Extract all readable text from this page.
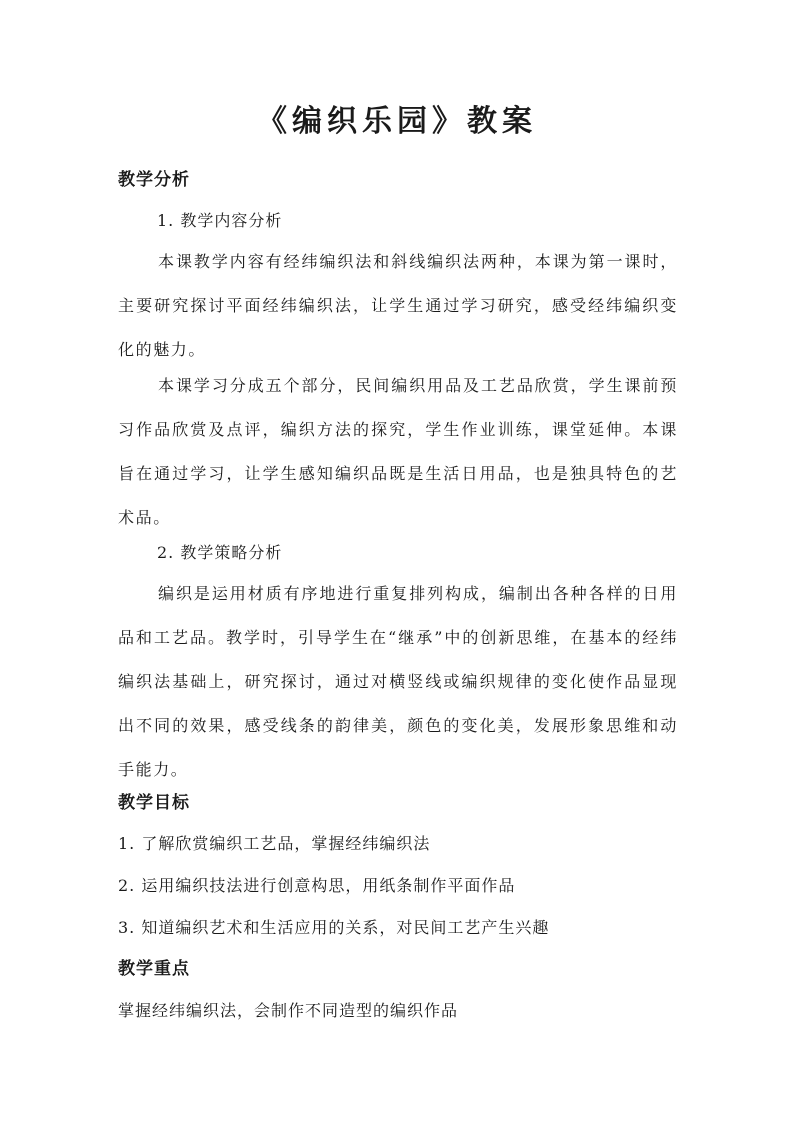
《编织乐园》教案
教学分析
1. 教学内容分析

本课教学内容有经纬编织法和斜线编织法两种，本课为第一课时，主要研究探讨平面经纬编织法，让学生通过学习研究，感受经纬编织变化的魅力。

本课学习分成五个部分，民间编织用品及工艺品欣赏，学生课前预习作品欣赏及点评，编织方法的探究，学生作业训练，课堂延伸。本课旨在通过学习，让学生感知编织品既是生活日用品，也是独具特色的艺术品。

2. 教学策略分析

编织是运用材质有序地进行重复排列构成，编制出各种各样的日用品和工艺品。教学时，引导学生在“继承”中的创新思维，在基本的经纬编织法基础上，研究探讨，通过对横竖线或编织规律的变化使作品显现出不同的效果，感受线条的韵律美，颜色的变化美，发展形象思维和动手能力。

教学目标
1. 了解欣赏编织工艺品，掌握经纬编织法
2. 运用编织技法进行创意构思，用纸条制作平面作品
3. 知道编织艺术和生活应用的关系，对民间工艺产生兴趣
教学重点
掌握经纬编织法，会制作不同造型的编织作品
